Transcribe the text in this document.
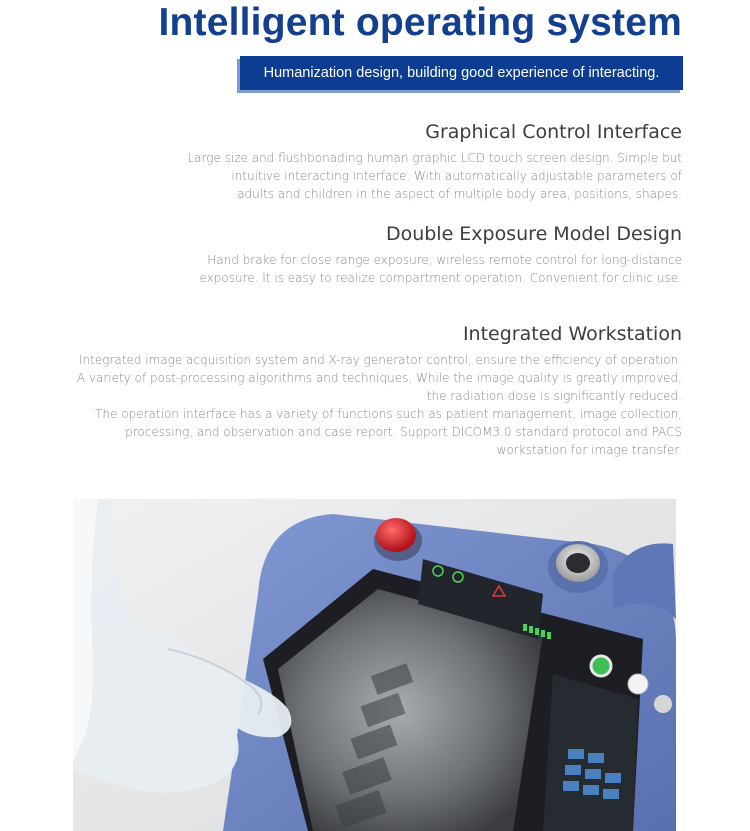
Intelligent operating system
Humanization design, building good experience of interacting.
Graphical Control Interface

Large size and flushbonading human graphic LCD touch screen design. Simple but
intuitive interacting interface. With automatically adjustable parameters of
adults and children in the aspect of multiple body area, positions, shapes.

Double Exposure Model Design

Hand brake for close range exposure, wireless remote control for long-distance
exposure. It is easy to realize compartment operation. Convenient for clinic use.

Integrated Workstation

Integrated image acquisition system and X-ray generator control, ensure the efficiency of operation.
A variety of post-processing algorithms and techniques, While the image quality is greatly improved,
the radiation dose is significantly reduced.
The operation interface has a variety of functions such as patient management, image collection,
processing, and observation and case report. Support DICOM3.0 standard protocol and PACS
workstation for image transfer.
